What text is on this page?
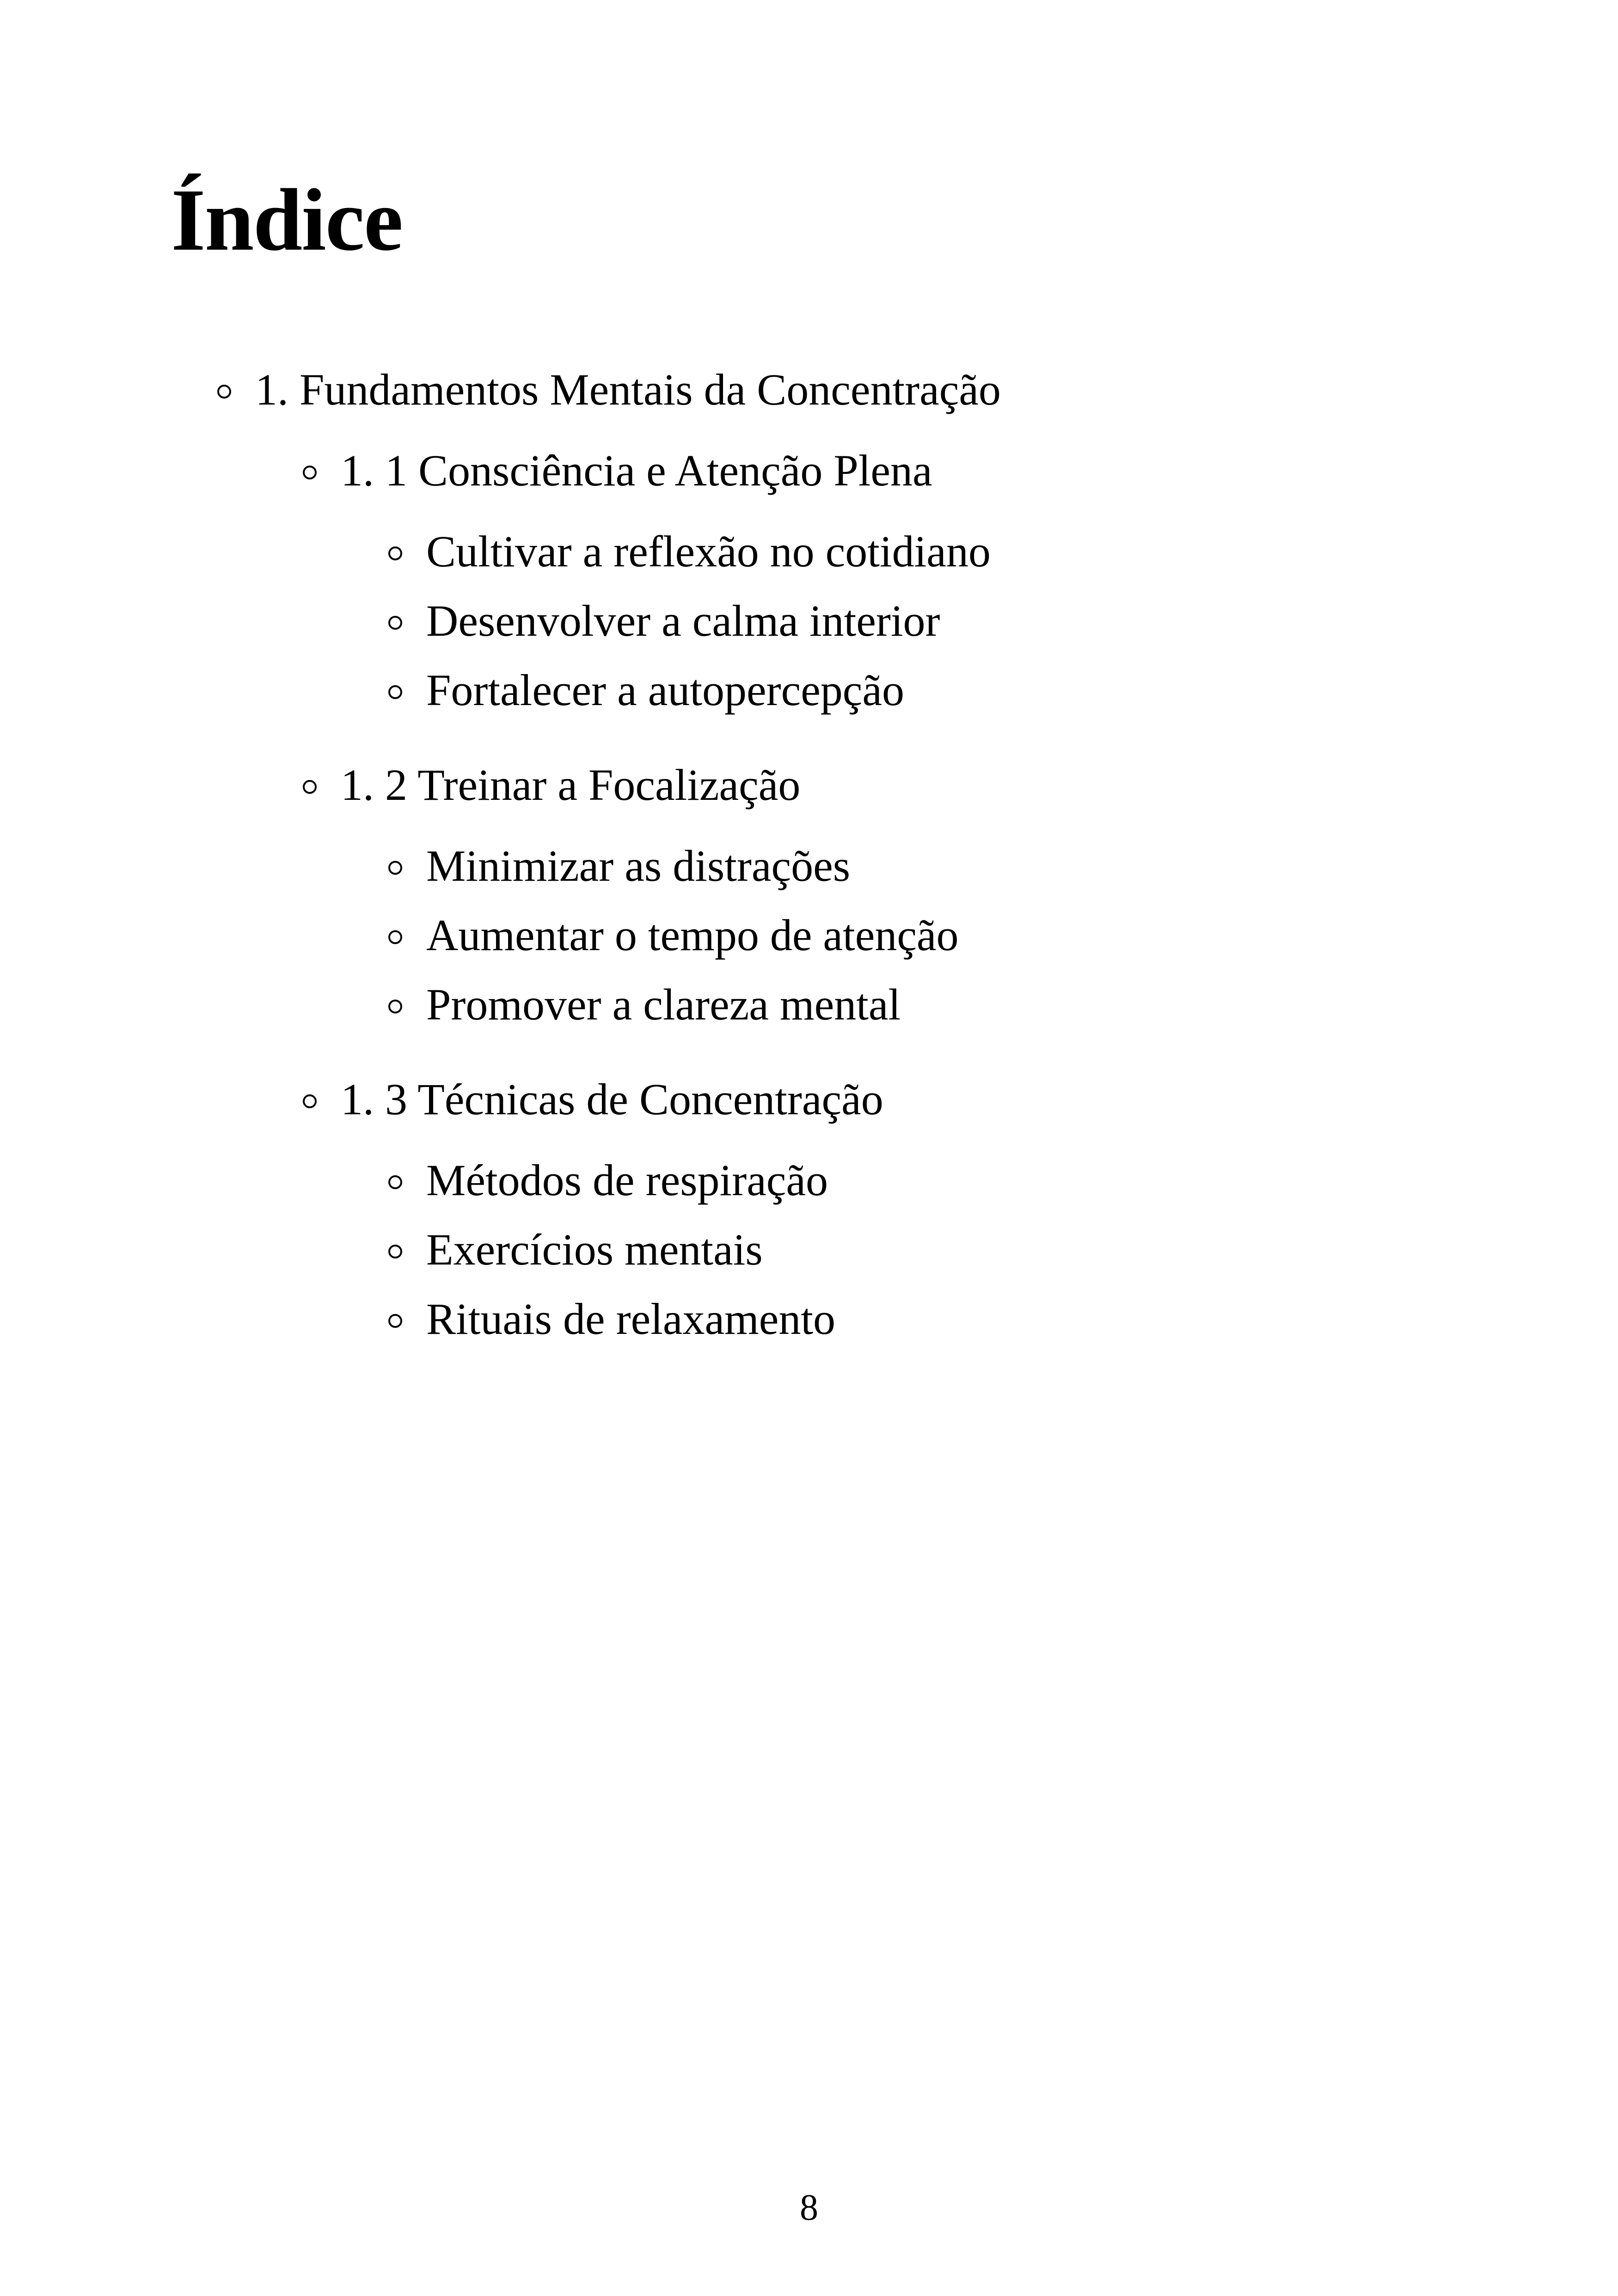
Índice
1. Fundamentos Mentais da Concentração
1. 1 Consciência e Atenção Plena
Cultivar a reflexão no cotidiano
Desenvolver a calma interior
Fortalecer a autopercepção
1. 2 Treinar a Focalização
Minimizar as distrações
Aumentar o tempo de atenção
Promover a clareza mental
1. 3 Técnicas de Concentração
Métodos de respiração
Exercícios mentais
Rituais de relaxamento
8
